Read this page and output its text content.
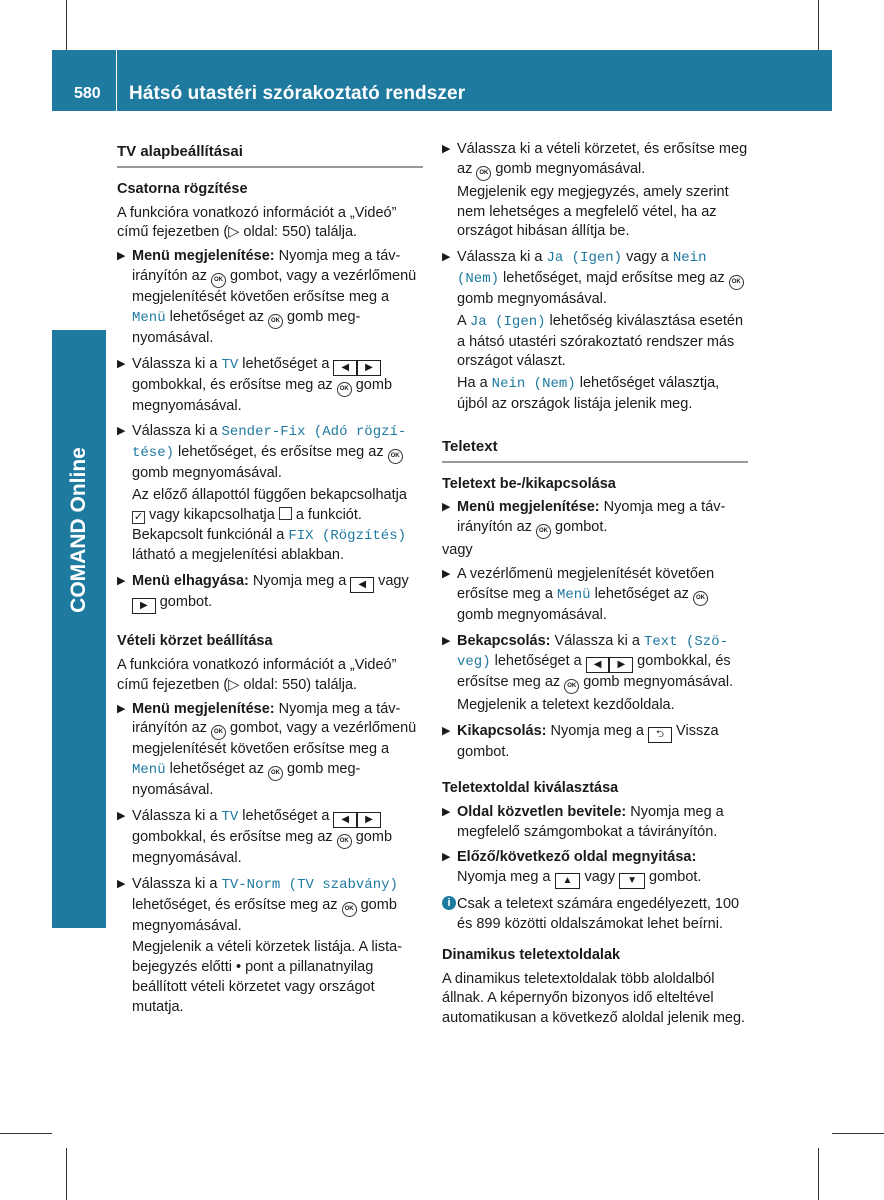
580 Hátsó utastéri szórakoztató rendszer
COMAND Online
TV alapbeállításai
Csatorna rögzítése

A funkcióra vonatkozó információt a „Videó” című fejezetben (▷ oldal: 550) találja.

▶ Menü megjelenítése: Nyomja meg a távirányítón az OK gombot, vagy a vezérlőmenü megjelenítését követően erősítse meg a Menü lehetőséget az OK gomb megnyomásával.
▶ Válassza ki a TV lehetőséget a ◀ ▶ gombokkal, és erősítse meg az OK gomb megnyomásával.
▶ Válassza ki a Sender-Fix (Adó rögzítése) lehetőséget, és erősítse meg az OK gomb megnyomásával.
Az előző állapottól függően bekapcsolhatja ✓ vagy kikapcsolhatja  a funkciót.
Bekapcsolt funkciónál a FIX (Rögzítés) látható a megjelenítési ablakban.
▶ Menü elhagyása: Nyomja meg a ◀ vagy ▶ gombot.
Vételi körzet beállítása

A funkcióra vonatkozó információt a „Videó” című fejezetben (▷ oldal: 550) találja.

▶ Menü megjelenítése: Nyomja meg a távirányítón az OK gombot, vagy a vezérlőmenü megjelenítését követően erősítse meg a Menü lehetőséget az OK gomb megnyomásával.
▶ Válassza ki a TV lehetőséget a ◀ ▶ gombokkal, és erősítse meg az OK gomb megnyomásával.
▶ Válassza ki a TV-Norm (TV szabvány) lehetőséget, és erősítse meg az OK gomb megnyomásával.
Megjelenik a vételi körzetek listája. A listabejegyzés előtti • pont a pillanatnyilag beállított vételi körzetet vagy országot mutatja.
▶ Válassza ki a vételi körzetet, és erősítse meg az OK gomb megnyomásával.
Megjelenik egy megjegyzés, amely szerint nem lehetséges a megfelelő vétel, ha az országot hibásan állítja be.
▶ Válassza ki a Ja (Igen) vagy a Nein (Nem) lehetőséget, majd erősítse meg az OK gomb megnyomásával.
A Ja (Igen) lehetőség kiválasztása esetén a hátsó utastéri szórakoztató rendszer más országot választ.
Ha a Nein (Nem) lehetőséget választja, újból az országok listája jelenik meg.
Teletext
Teletext be-/kikapcsolása
▶ Menü megjelenítése: Nyomja meg a távirányítón az OK gombot.

vagy

▶ A vezérlőmenü megjelenítését követően erősítse meg a Menü lehetőséget az OK gomb megnyomásával.
▶ Bekapcsolás: Válassza ki a Text (Szöveg) lehetőséget a ◀ ▶ gombokkal, és erősítse meg az OK gomb megnyomásával.
Megjelenik a teletext kezdőoldala.
▶ Kikapcsolás: Nyomja meg a ⮌ Vissza gombot.
Teletextoldal kiválasztása
▶ Oldal közvetlen bevitele: Nyomja meg a megfelelő számgombokat a távirányítón.
▶ Előző/következő oldal megnyitása:
Nyomja meg a ▲ vagy ▼ gombot.
i Csak a teletext számára engedélyezett, 100 és 899 közötti oldalszámokat lehet beírni.
Dinamikus teletextoldalak

A dinamikus teletextoldalak több aloldalból állnak. A képernyőn bizonyos idő elteltével automatikusan a következő aloldal jelenik meg.
